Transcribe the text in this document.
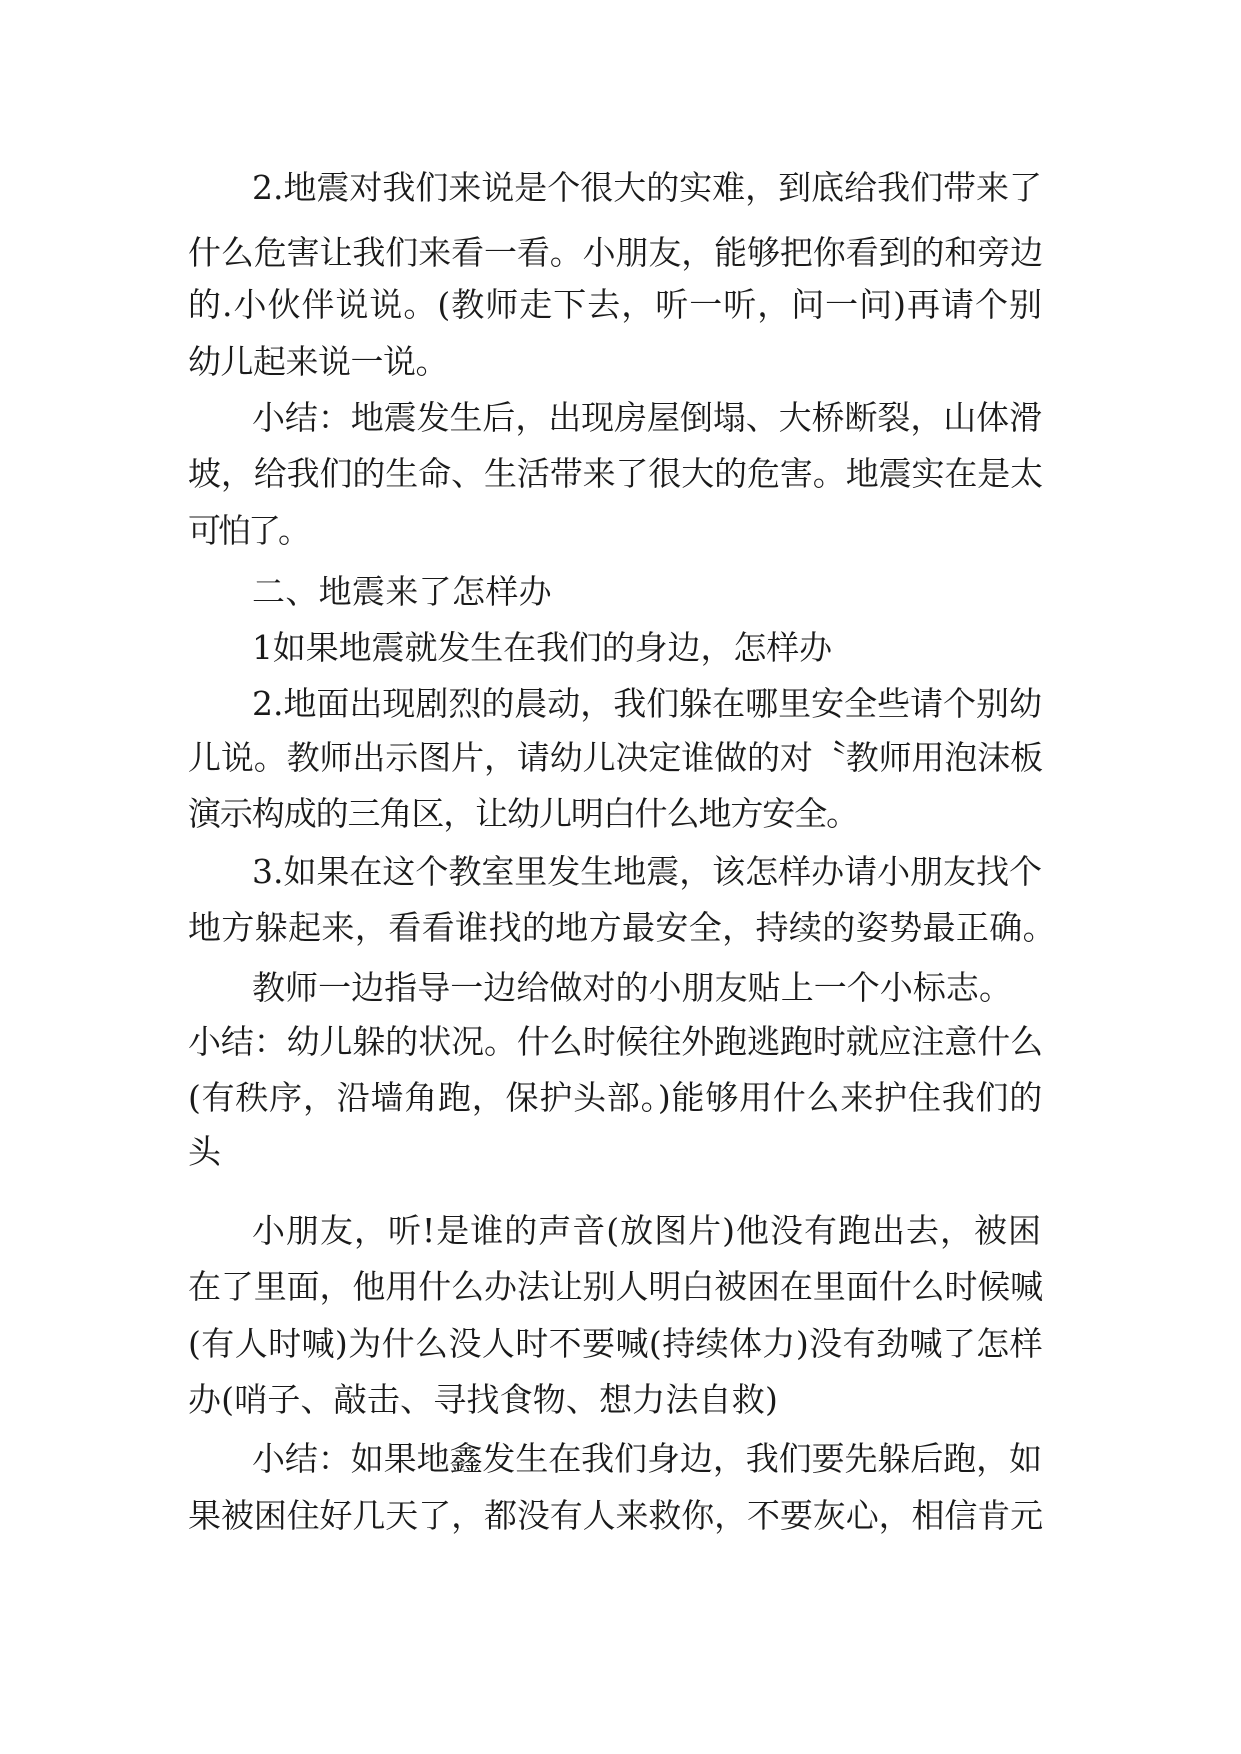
2.地震对我们来说是个很大的实难，到底给我们带来了
什么危害让我们来看一看。小朋友，能够把你看到的和旁边
的.小伙伴说说。(教师走下去，听一听，问一问)再请个别
幼儿起来说一说。
小结：地震发生后，出现房屋倒塌、大桥断裂，山体滑
坡，给我们的生命、生活带来了很大的危害。地震实在是太
可怕了。
二、地震来了怎样办
1如果地震就发生在我们的身边，怎样办
2.地面出现剧烈的晨动，我们躲在哪里安全些请个别幼
儿说。教师出示图片，请幼儿决定谁做的对〝教师用泡沫板
演示构成的三角区，让幼儿明白什么地方安全。
3.如果在这个教室里发生地震，该怎样办请小朋友找个
地方躲起来，看看谁找的地方最安全，持续的姿势最正确。
教师一边指导一边给做对的小朋友贴上一个小标志。
小结：幼儿躲的状况。什么时候往外跑逃跑时就应注意什么
(有秩序，沿墙角跑，保护头部。)能够用什么来护住我们的
头
小朋友，听!是谁的声音(放图片)他没有跑出去，被困
在了里面，他用什么办法让别人明白被困在里面什么时候喊
(有人时喊)为什么没人时不要喊(持续体力)没有劲喊了怎样
办(哨子、敲击、寻找食物、想力法自救)
小结：如果地鑫发生在我们身边，我们要先躲后跑，如
果被困住好几天了，都没有人来救你，不要灰心，相信肯元
